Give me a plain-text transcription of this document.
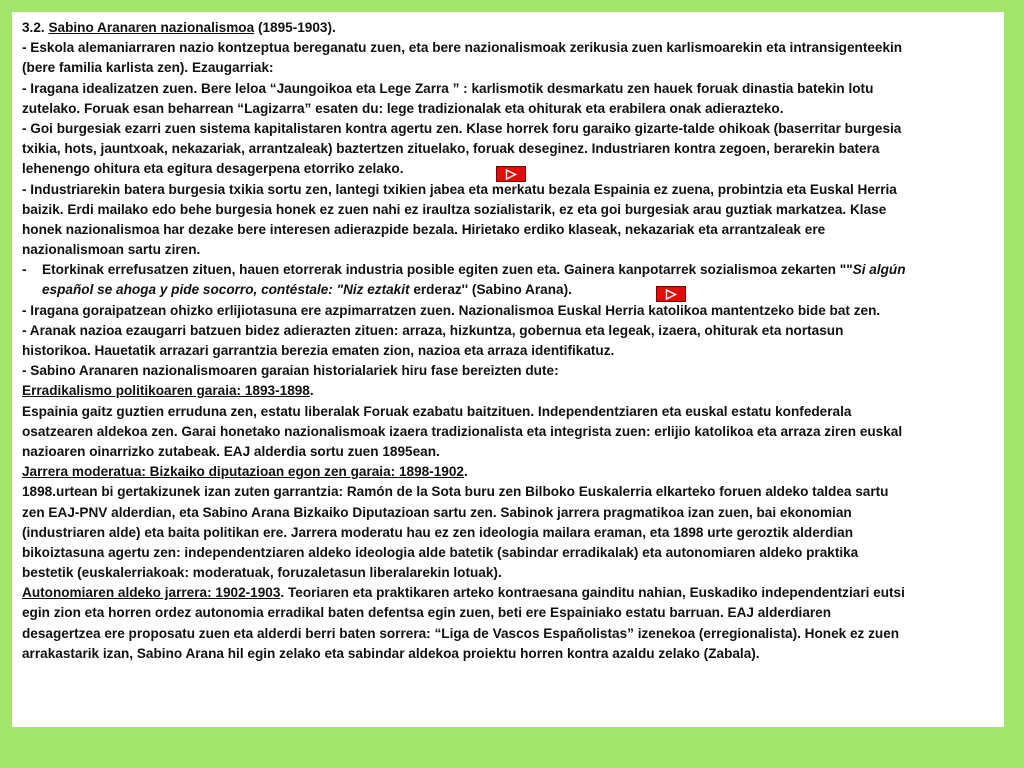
3.2. Sabino Aranaren nazionalismoa (1895-1903).
- Eskola alemaniarraren nazio kontzeptua bereganatu zuen, eta bere nazionalismoak zerikusia zuen karlismoarekin eta intransigenteekin
(bere familia karlista zen). Ezaugarriak:
- Iragana idealizatzen zuen. Bere leloa “Jaungoikoa eta Lege Zarra ” : karlismotik desmarkatu zen hauek foruak dinastia batekin lotu
zutelako. Foruak esan beharrean “Lagizarra” esaten du: lege tradizionalak eta ohiturak eta erabilera onak adierazteko.
- Goi burgesiak ezarri zuen sistema kapitalistaren kontra agertu zen. Klase horrek foru garaiko gizarte-talde ohikoak (baserritar burgesia
txikia, hots, jauntxoak, nekazariak, arrantzaleak) baztertzen zituelako, foruak deseginez. Industriaren kontra zegoen, berarekin batera
lehenengo ohitura eta egitura desagerpena etorriko zelako.
- Industriarekin batera burgesia txikia sortu zen, lantegi txikien jabea eta merkatu bezala Espainia ez zuena, probintzia eta Euskal Herria
baizik. Erdi mailako edo behe burgesia honek ez zuen nahi ez iraultza sozialistarik, ez eta goi burgesiak arau guztiak markatzea. Klase
honek nazionalismoa har dezake bere interesen adierazpide bezala. Hirietako erdiko klaseak, nekazariak eta arrantzaleak ere
nazionalismoan sartu ziren.
- Etorkinak errefusatzen zituen, hauen etorrerak industria posible egiten zuen eta. Gainera kanpotarrek sozialismoa zekarten ""Si algún
español se ahoga y pide socorro, contéstale: "Niz eztakit erderaz'' (Sabino Arana).
- Iragana goraipatzean ohizko erlijiotasuna ere azpimarratzen zuen. Nazionalismoa Euskal Herria katolikoa mantentzeko bide bat zen.
- Aranak nazioa ezaugarri batzuen bidez adierazten zituen: arraza, hizkuntza, gobernua eta legeak, izaera, ohiturak eta nortasun
historikoa. Hauetatik arrazari garrantzia berezia ematen zion, nazioa eta arraza identifikatuz.
- Sabino Aranaren nazionalismoaren garaian historialariek hiru fase bereizten dute:
Erradikalismo politikoaren garaia: 1893-1898.
Espainia gaitz guztien erruduna zen, estatu liberalak Foruak ezabatu baitzituen. Independentziaren eta euskal estatu konfederala
osatzearen aldekoa zen. Garai honetako nazionalismoak izaera tradizionalista eta integrista zuen: erlijio katolikoa eta arraza ziren euskal
nazioaren oinarrizko zutabeak. EAJ alderdia sortu zuen 1895ean.
Jarrera moderatua: Bizkaiko diputazioan egon zen garaia: 1898-1902.
1898.urtean bi gertakizunek izan zuten garrantzia: Ramón de la Sota buru zen Bilboko Euskalerria elkarteko foruen aldeko taldea sartu
zen EAJ-PNV alderdian, eta Sabino Arana Bizkaiko Diputazioan sartu zen. Sabinok jarrera pragmatikoa izan zuen, bai ekonomian
(industriaren alde) eta baita politikan ere. Jarrera moderatu hau ez zen ideologia mailara eraman, eta 1898 urte geroztik alderdian
bikoiztasuna agertu zen: independentziaren aldeko ideologia alde batetik (sabindar erradikalak) eta autonomiaren aldeko praktika
bestetik (euskalerriakoak: moderatuak, foruzaletasun liberalarekin lotuak).
Autonomiaren aldeko jarrera: 1902-1903. Teoriaren eta praktikaren arteko kontraesana gainditu nahian, Euskadiko independentziari eutsi
egin zion eta horren ordez autonomia erradikal baten defentsa egin zuen, beti ere Espainiako estatu barruan. EAJ alderdiaren
desagertzea ere proposatu zuen eta alderdi berri baten sorrera: “Liga de Vascos Españolistas” izenekoa (erregionalista). Honek ez zuen
arrakastarik izan, Sabino Arana hil egin zelako eta sabindar aldekoa proiektu horren kontra azaldu zelako (Zabala).
